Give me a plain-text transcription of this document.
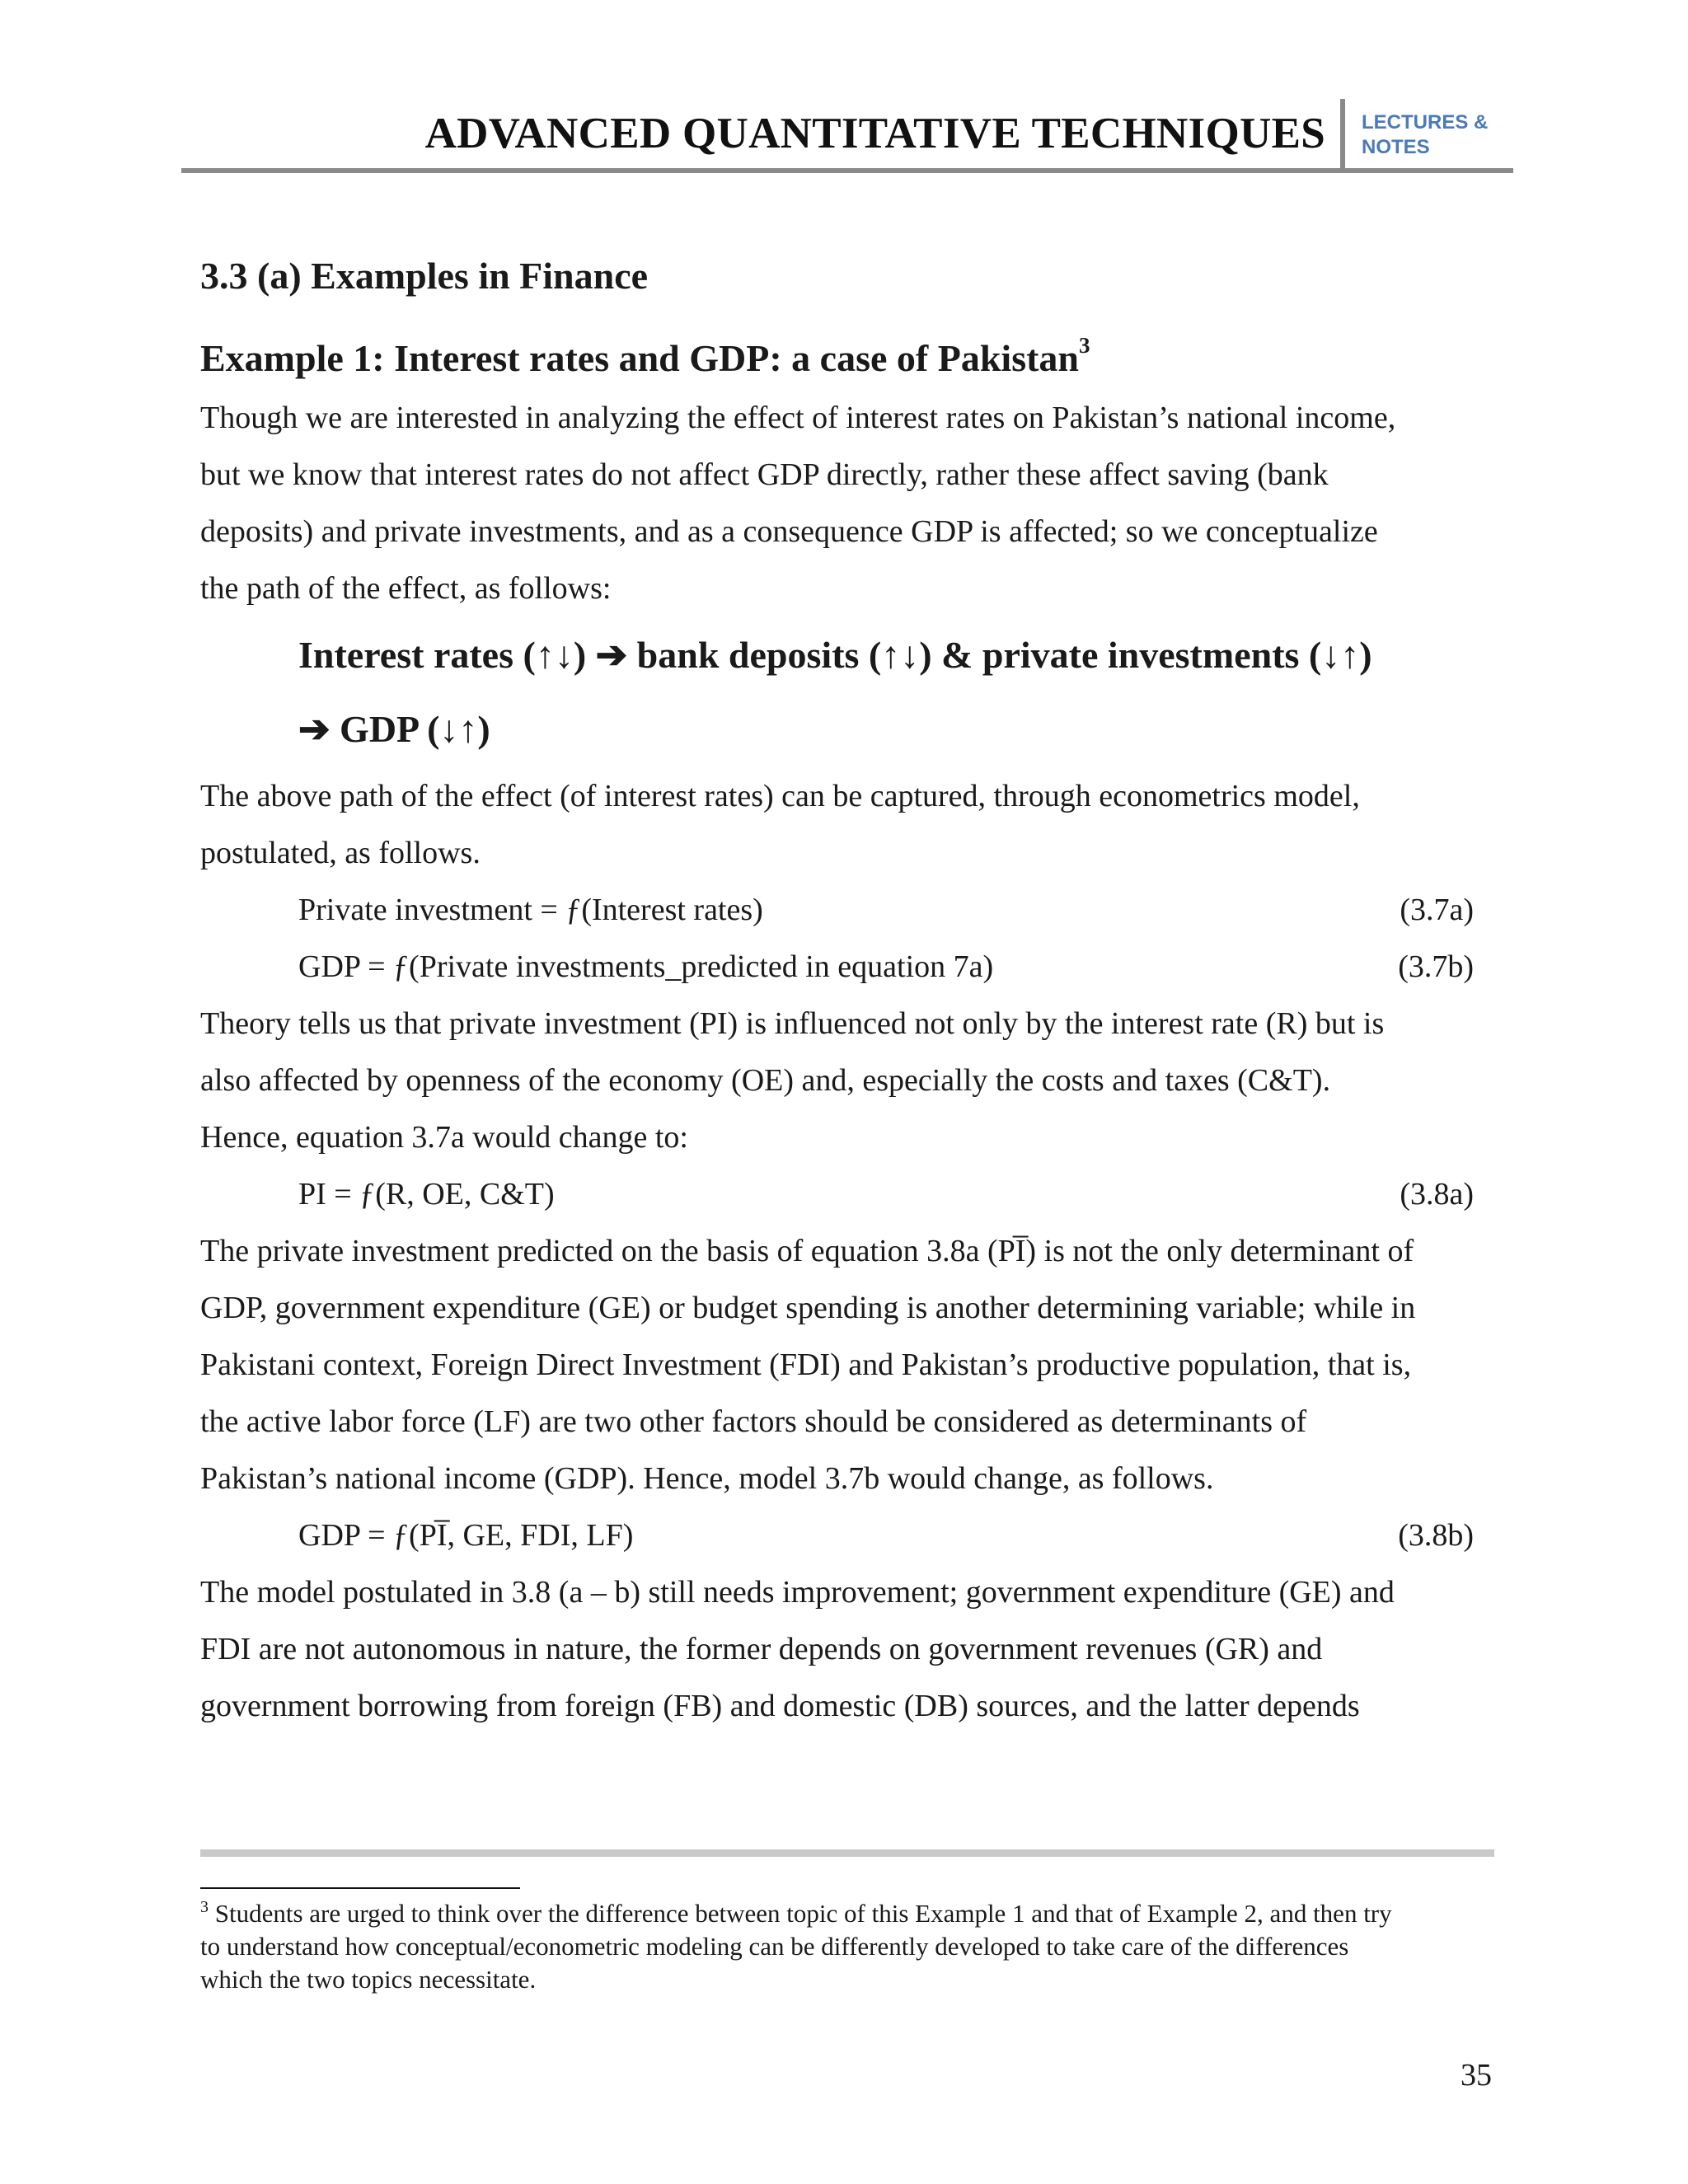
ADVANCED QUANTITATIVE TECHNIQUES LECTURES &
NOTES
3.3 (a) Examples in Finance
Example 1: Interest rates and GDP: a case of Pakistan$^3$
Though we are interested in analyzing the effect of interest rates on Pakistan’s national income,
but we know that interest rates do not affect GDP directly, rather these affect saving (bank
deposits) and private investments, and as a consequence GDP is affected; so we conceptualize
the path of the effect, as follows:
Interest rates (↑↓) ➔ bank deposits (↑↓) & private investments (↓↑)
➔ GDP (↓↑)
The above path of the effect (of interest rates) can be captured, through econometrics model,
postulated, as follows.
Private investment = ƒ(Interest rates)	(3.7a)
GDP = ƒ(Private investments_predicted in equation 7a)	(3.7b)
Theory tells us that private investment (PI) is influenced not only by the interest rate (R) but is
also affected by openness of the economy (OE) and, especially the costs and taxes (C&T).
Hence, equation 3.7a would change to:
PI = ƒ(R, OE, C&T)	(3.8a)
The private investment predicted on the basis of equation 3.8a (PI̅) is not the only determinant of
GDP, government expenditure (GE) or budget spending is another determining variable; while in
Pakistani context, Foreign Direct Investment (FDI) and Pakistan’s productive population, that is,
the active labor force (LF) are two other factors should be considered as determinants of
Pakistan’s national income (GDP). Hence, model 3.7b would change, as follows.
GDP = ƒ(PI̅, GE, FDI, LF)	(3.8b)
The model postulated in 3.8 (a – b) still needs improvement; government expenditure (GE) and
FDI are not autonomous in nature, the former depends on government revenues (GR) and
government borrowing from foreign (FB) and domestic (DB) sources, and the latter depends
$^3$ Students are urged to think over the difference between topic of this Example 1 and that of Example 2, and then try
to understand how conceptual/econometric modeling can be differently developed to take care of the differences
which the two topics necessitate.
35
